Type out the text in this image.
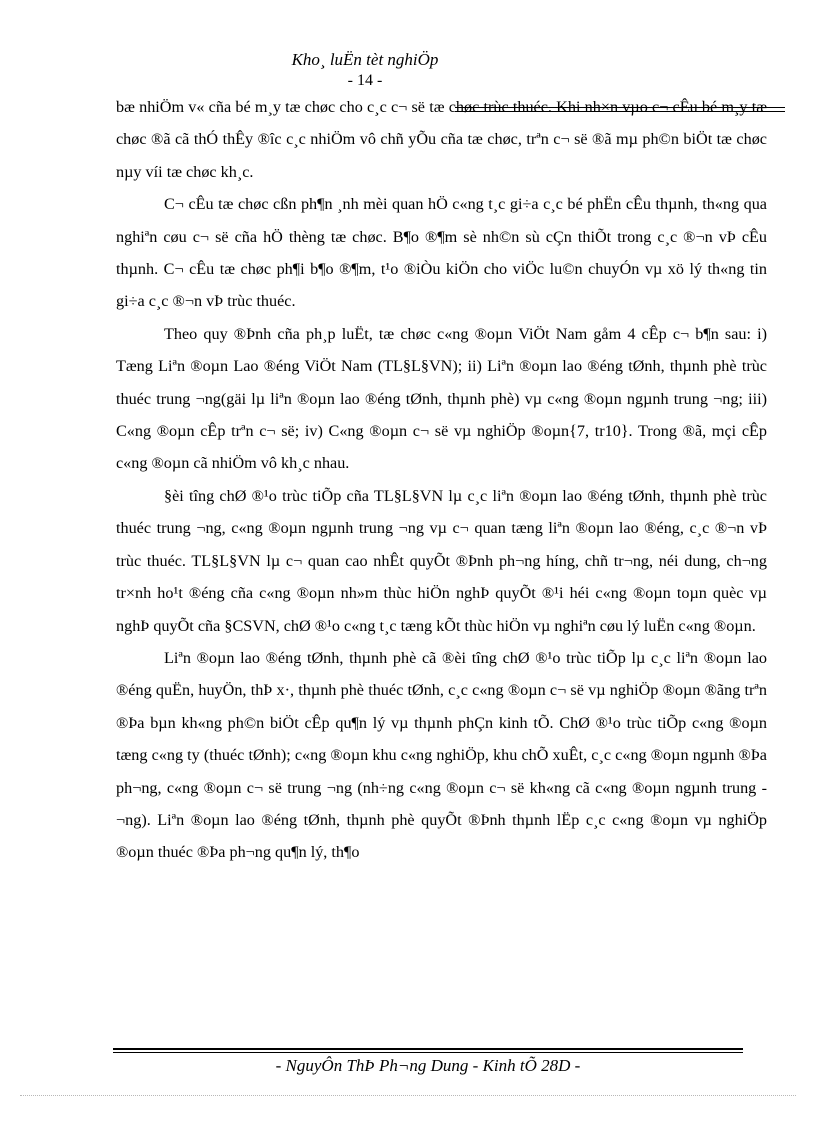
Kho¸ luËn tèt nghiÖp
- 14 -

bæ nhiÖm v« cña bé m¸y tæ chøc cho c¸c c¬ së tæ chøc trùc thuéc. Khi nh×n vµo c¬ cÊu bé m¸y tæ chøc ®ã cã thÓ thÊy ®îc c¸c nhiÖm vô chñ yÕu cña tæ chøc, trªn c¬ së ®ã mµ ph©n biÖt tæ chøc nµy víi tæ chøc kh¸c.

C¬ cÊu tæ chøc cßn ph¶n ¸nh mèi quan hÖ c«ng t¸c gi÷a c¸c bé phËn cÊu thµnh, th«ng qua nghiªn cøu c¬ së cña hÖ thèng tæ chøc. B¶o ®¶m sè nh©n sù cÇn thiÕt trong c¸c ®¬n vÞ cÊu thµnh. C¬ cÊu tæ chøc ph¶i b¶o ®¶m, t¹o ®iÒu kiÖn cho viÖc lu©n chuyÓn vµ xö lý th«ng tin gi÷a c¸c ®¬n vÞ trùc thuéc.

Theo quy ®Þnh cña ph¸p luËt, tæ chøc c«ng ®oµn ViÖt Nam gåm 4 cÊp c¬ b¶n sau: i) Tæng Liªn ®oµn Lao ®éng ViÖt Nam (TL§L§VN); ii) Liªn ®oµn lao ®éng tØnh, thµnh phè trùc thuéc trung ¬ng(gäi lµ liªn ®oµn lao ®éng tØnh, thµnh phè) vµ c«ng ®oµn ngµnh trung ¬ng; iii) C«ng ®oµn cÊp trªn c¬ së; iv) C«ng ®oµn c¬ së vµ nghiÖp ®oµn{7, tr10}. Trong ®ã, mçi cÊp c«ng ®oµn cã nhiÖm vô kh¸c nhau.

§èi tîng chØ ®¹o trùc tiÕp cña TL§L§VN lµ c¸c liªn ®oµn lao ®éng tØnh, thµnh phè trùc thuéc trung ¬ng, c«ng ®oµn ngµnh trung ¬ng vµ c¬ quan tæng liªn ®oµn lao ®éng, c¸c ®¬n vÞ trùc thuéc. TL§L§VN lµ c¬ quan cao nhÊt quyÕt ®Þnh ph¬ng híng, chñ tr¬ng, néi dung, ch¬ng tr×nh ho¹t ®éng cña c«ng ®oµn nh»m thùc hiÖn nghÞ quyÕt ®¹i héi c«ng ®oµn toµn quèc vµ nghÞ quyÕt cña §CSVN, chØ ®¹o c«ng t¸c tæng kÕt thùc hiÖn vµ nghiªn cøu lý luËn c«ng ®oµn.

Liªn ®oµn lao ®éng tØnh, thµnh phè cã ®èi tîng chØ ®¹o trùc tiÕp lµ c¸c liªn ®oµn lao ®éng quËn, huyÖn, thÞ x·, thµnh phè thuéc tØnh, c¸c c«ng ®oµn c¬ së vµ nghiÖp ®oµn ®ãng trªn ®Þa bµn kh«ng ph©n biÖt cÊp qu¶n lý vµ thµnh phÇn kinh tÕ. ChØ ®¹o trùc tiÕp c«ng ®oµn tæng c«ng ty (thuéc tØnh); c«ng ®oµn khu c«ng nghiÖp, khu chÕ xuÊt, c¸c c«ng ®oµn ngµnh ®Þa ph¬ng, c«ng ®oµn c¬ së trung ¬ng (nh÷ng c«ng ®oµn c¬ së kh«ng cã c«ng ®oµn ngµnh trung ¬ng). Liªn ®oµn lao ®éng tØnh, thµnh phè quyÕt ®Þnh thµnh lËp c¸c c«ng ®oµn vµ nghiÖp ®oµn thuéc ®Þa ph¬ng qu¶n lý, th¶o

- NguyÔn ThÞ Ph¬ng Dung - Kinh tÕ 28D -
